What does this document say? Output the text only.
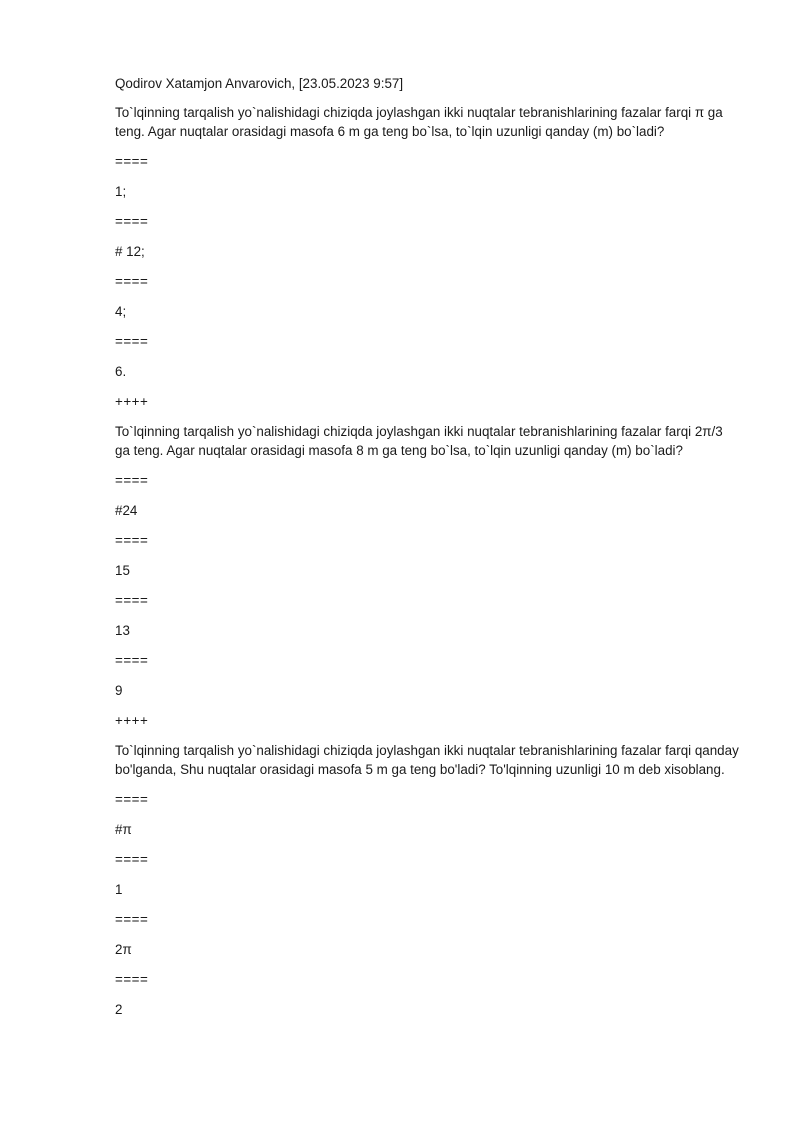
Qodirov Xatamjon Anvarovich, [23.05.2023 9:57]

To`lqinning tarqalish yo`nalishidagi chiziqda joylashgan ikki nuqtalar tebranishlarining fazalar farqi π ga teng. Agar nuqtalar orasidagi masofa 6 m ga teng bo`lsa, to`lqin uzunligi qanday (m) bo`ladi?

====

1;

====

# 12;

====

4;

====

6.

++++

To`lqinning tarqalish yo`nalishidagi chiziqda joylashgan ikki nuqtalar tebranishlarining fazalar farqi 2π/3 ga teng. Agar nuqtalar orasidagi masofa 8 m ga teng bo`lsa, to`lqin uzunligi qanday (m) bo`ladi?

====

#24

====

15

====

13

====

9

++++

To`lqinning tarqalish yo`nalishidagi chiziqda joylashgan ikki nuqtalar tebranishlarining fazalar farqi qanday bo'lganda, Shu nuqtalar orasidagi masofa 5 m ga teng bo'ladi? To'lqinning uzunligi 10 m deb xisoblang.

====

#π

====

1

====

2π

====

2
